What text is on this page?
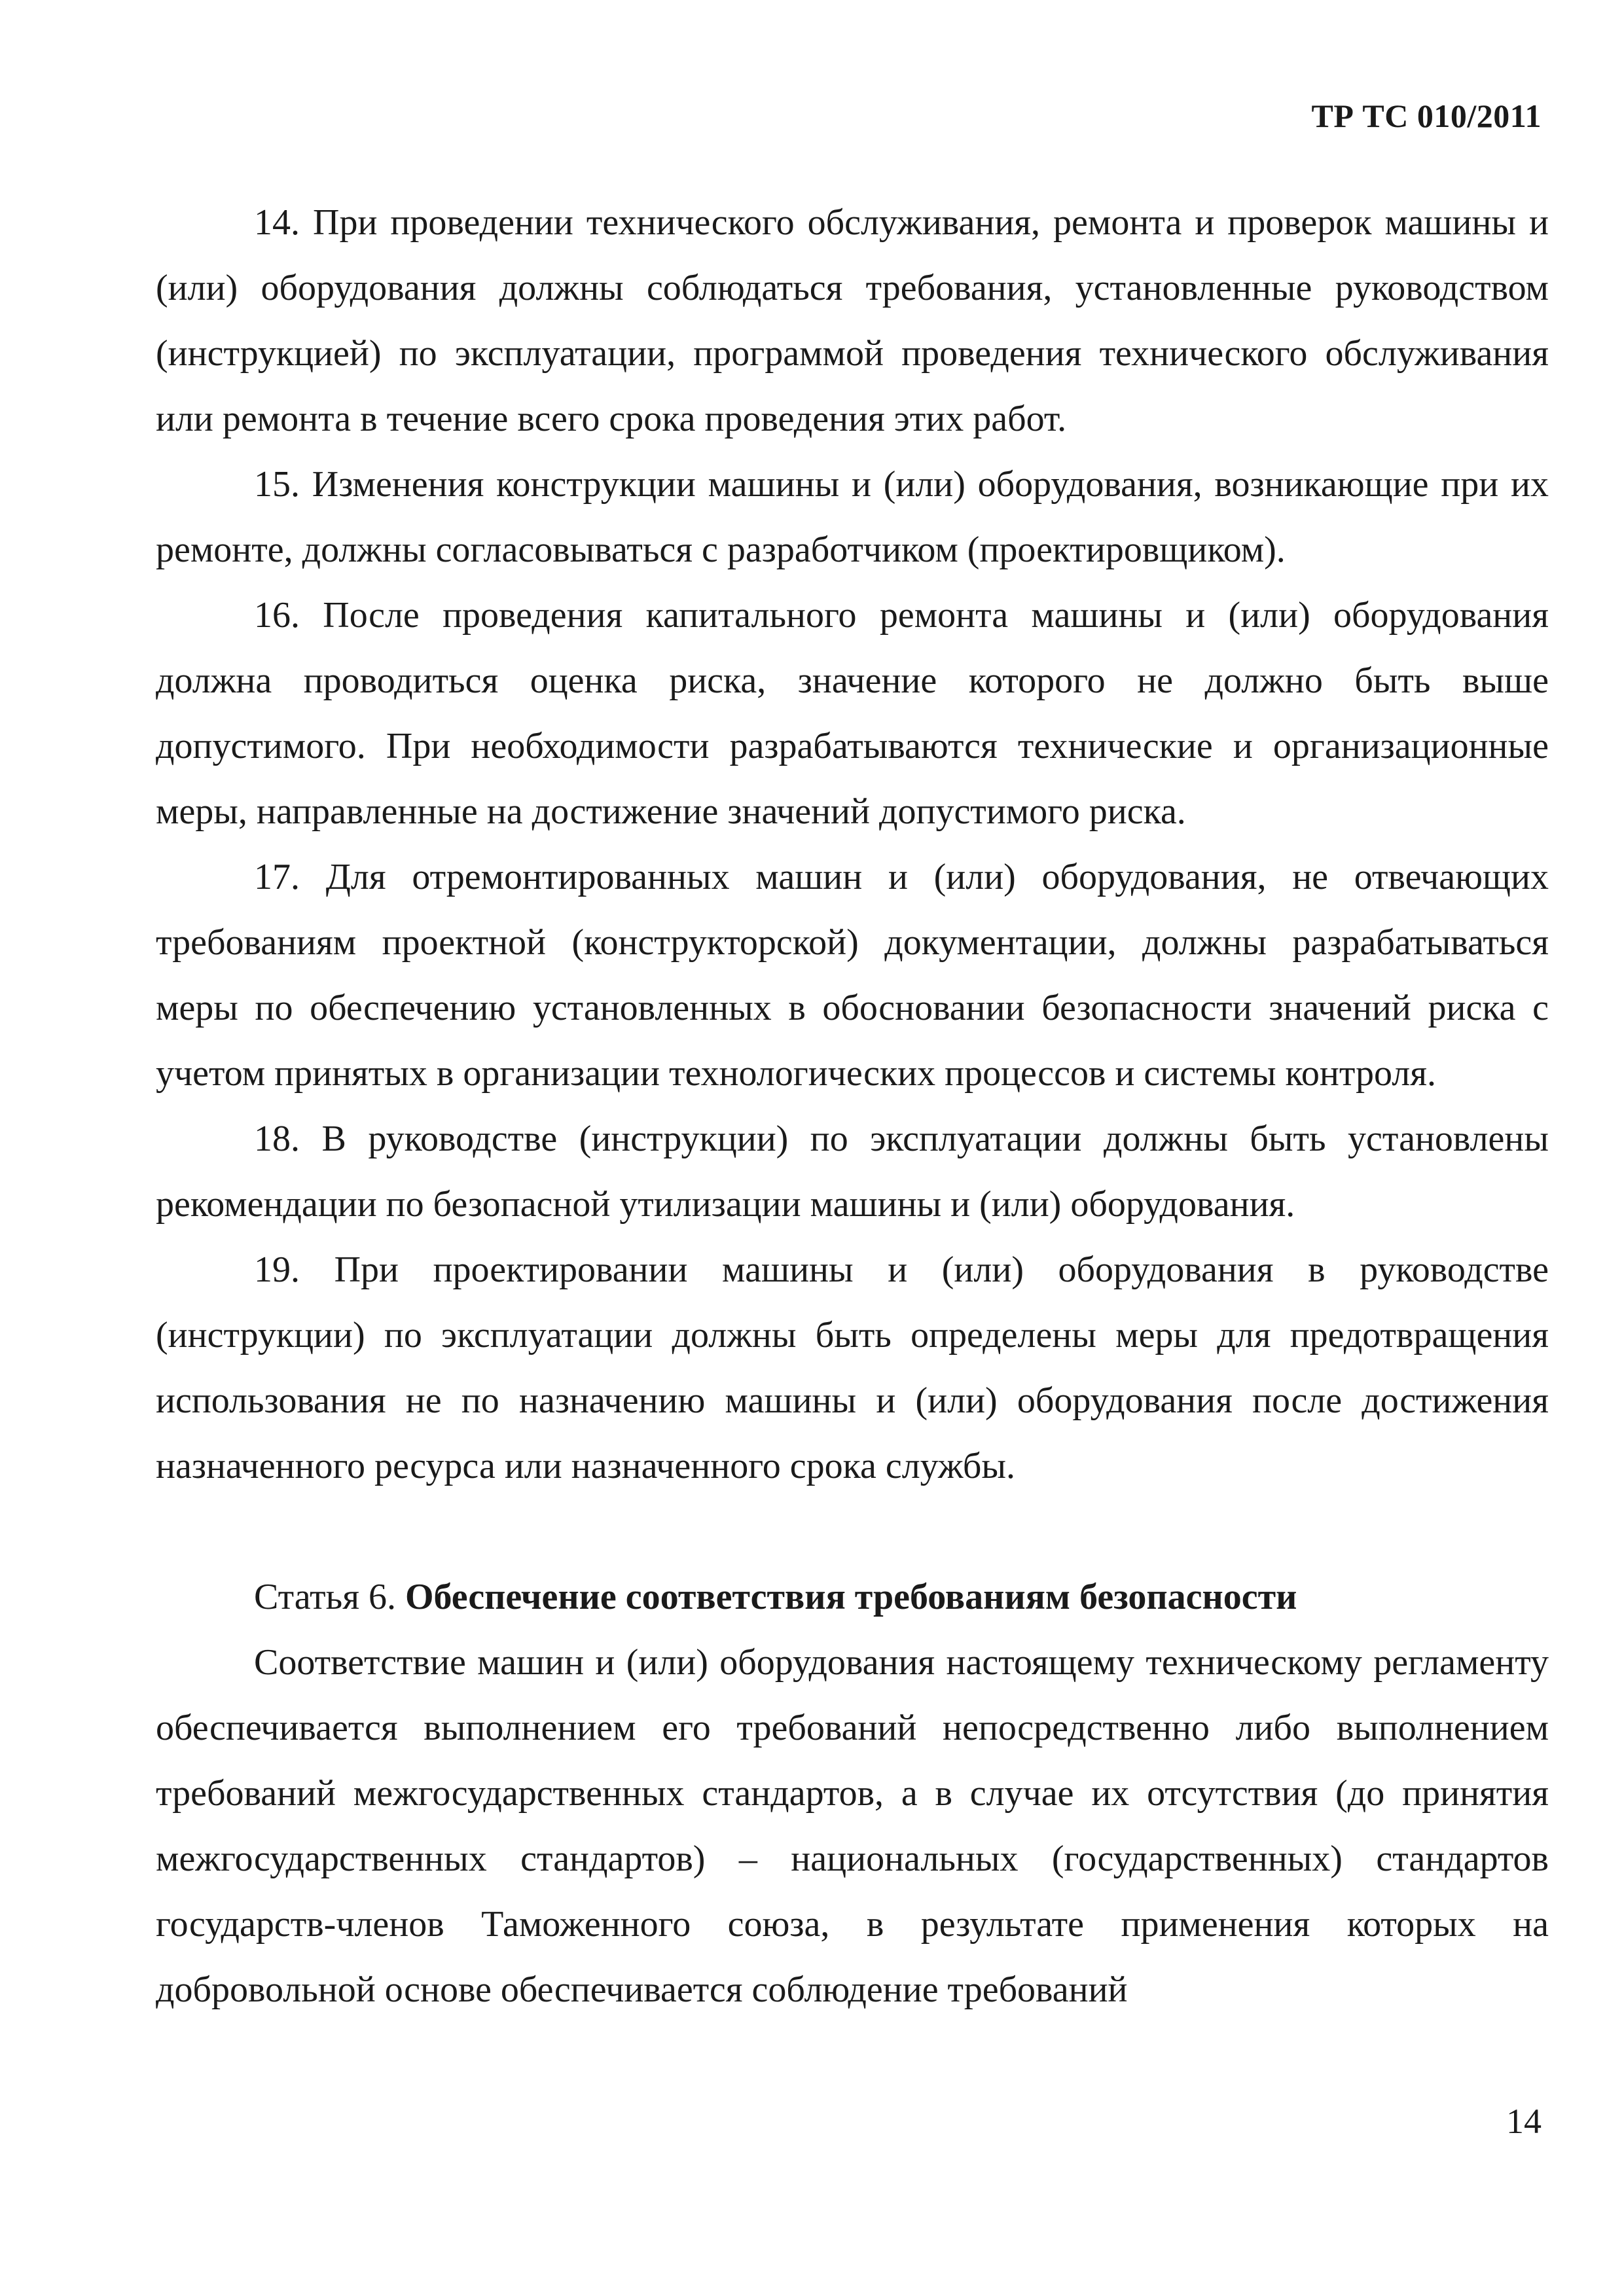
ТР ТС 010/2011

14. При проведении технического обслуживания, ремонта и проверок машины и (или) оборудования должны соблюдаться требования, установленные руководством (инструкцией) по эксплуатации, программой проведения технического обслуживания или ремонта в течение всего срока проведения этих работ.

15. Изменения конструкции машины и (или) оборудования, возникающие при их ремонте, должны согласовываться с разработчиком (проектировщиком).

16. После проведения капитального ремонта машины и (или) оборудования должна проводиться оценка риска, значение которого не должно быть выше допустимого. При необходимости разрабатываются технические и организационные меры, направленные на достижение значений допустимого риска.

17. Для отремонтированных машин и (или) оборудования, не отвечающих требованиям проектной (конструкторской) документации, должны разрабатываться меры по обеспечению установленных в обосновании безопасности значений риска с учетом принятых в организации технологических процессов и системы контроля.

18. В руководстве (инструкции) по эксплуатации должны быть установлены рекомендации по безопасной утилизации машины и (или) оборудования.

19. При проектировании машины и (или) оборудования в руководстве (инструкции) по эксплуатации должны быть определены меры для предотвращения использования не по назначению машины и (или) оборудования после достижения назначенного ресурса или назначенного срока службы.

Статья 6. Обеспечение соответствия требованиям безопасности

Соответствие машин и (или) оборудования настоящему техническому регламенту обеспечивается выполнением его требований непосредственно либо выполнением требований межгосударственных стандартов, а в случае их отсутствия (до принятия межгосударственных стандартов) – национальных (государственных) стандартов государств-членов Таможенного союза, в результате применения которых на добровольной основе обеспечивается соблюдение требований

14
